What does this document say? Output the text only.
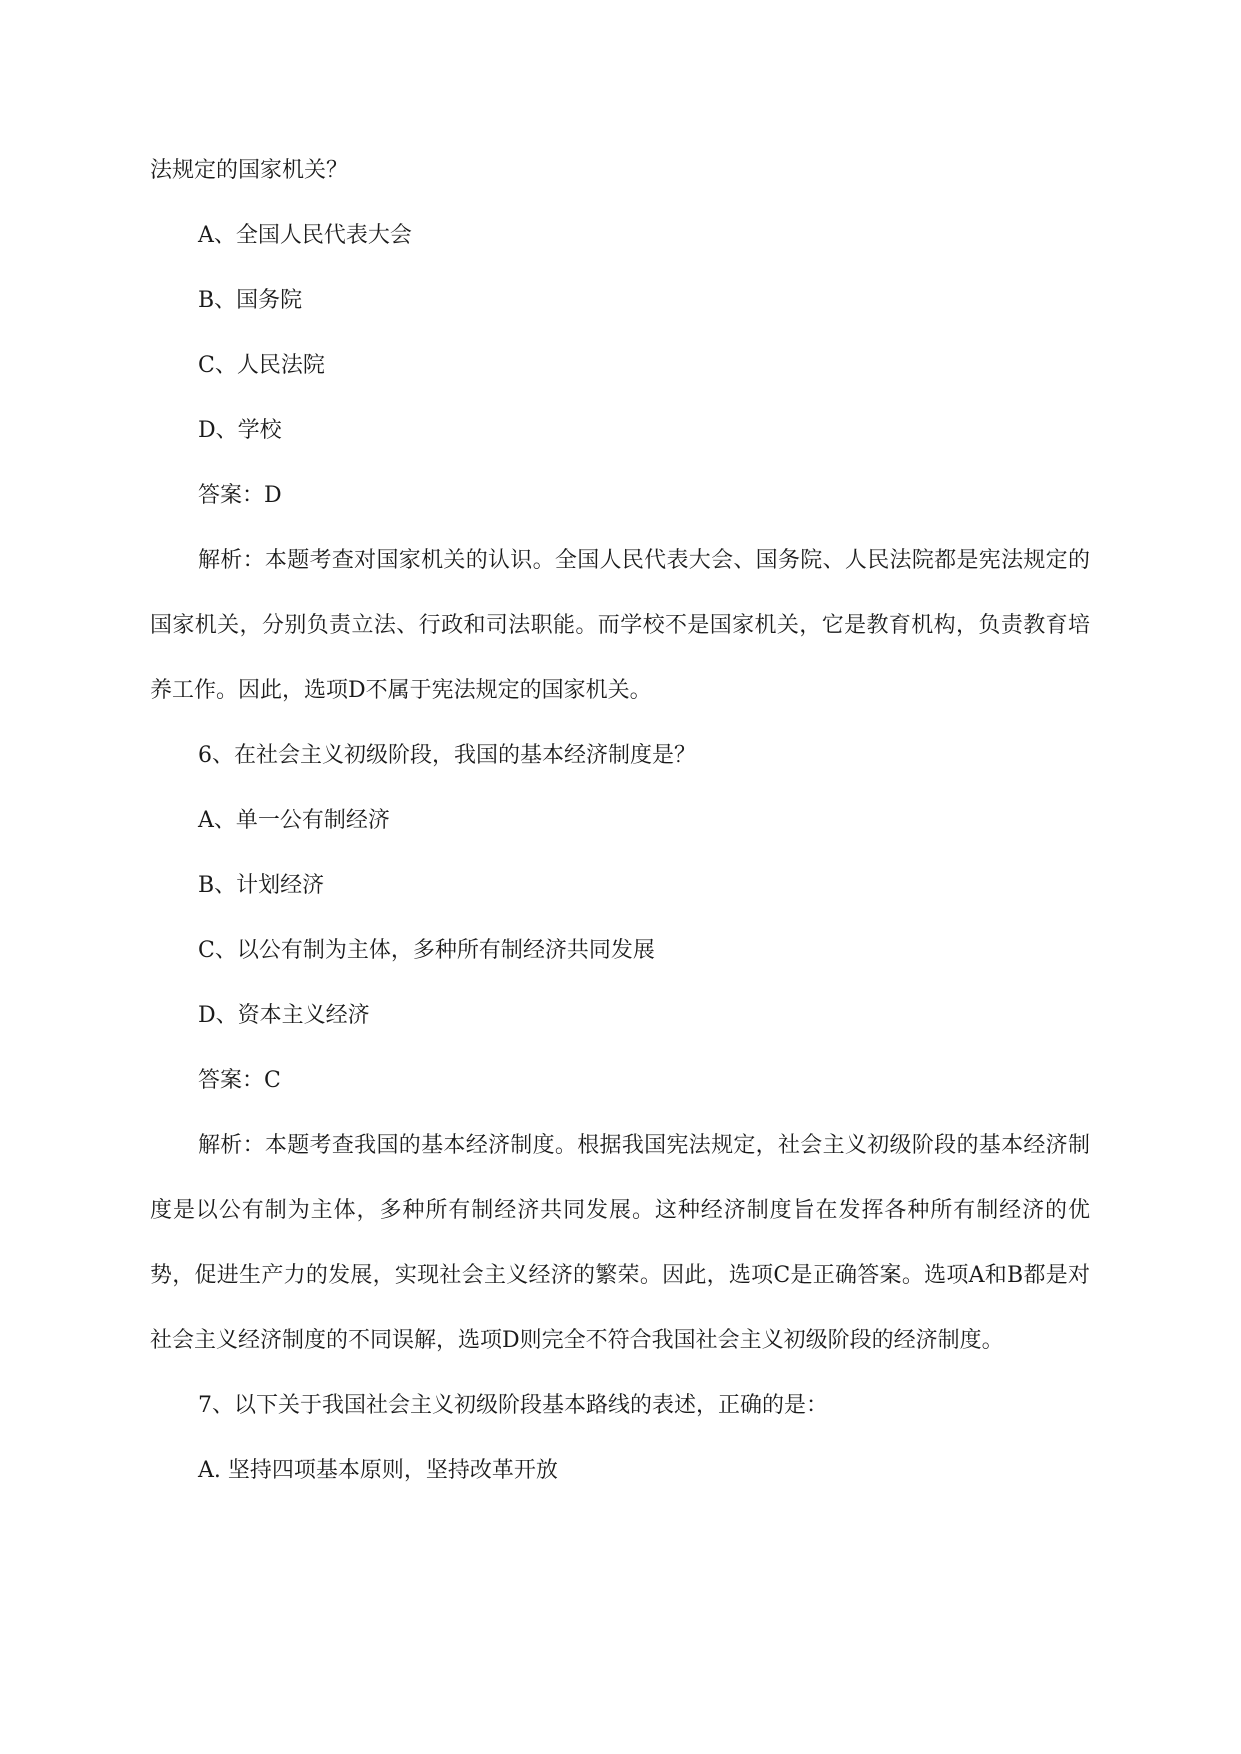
法规定的国家机关？
A、全国人民代表大会
B、国务院
C、人民法院
D、学校
答案：D

解析：本题考查对国家机关的认识。全国人民代表大会、国务院、人民法院都是宪法规定的国家机关，分别负责立法、行政和司法职能。而学校不是国家机关，它是教育机构，负责教育培养工作。因此，选项D不属于宪法规定的国家机关。

6、在社会主义初级阶段，我国的基本经济制度是？
A、单一公有制经济
B、计划经济
C、以公有制为主体，多种所有制经济共同发展
D、资本主义经济
答案：C

解析：本题考查我国的基本经济制度。根据我国宪法规定，社会主义初级阶段的基本经济制度是以公有制为主体，多种所有制经济共同发展。这种经济制度旨在发挥各种所有制经济的优势，促进生产力的发展，实现社会主义经济的繁荣。因此，选项C是正确答案。选项A和B都是对社会主义经济制度的不同误解，选项D则完全不符合我国社会主义初级阶段的经济制度。

7、以下关于我国社会主义初级阶段基本路线的表述，正确的是：
A. 坚持四项基本原则，坚持改革开放
